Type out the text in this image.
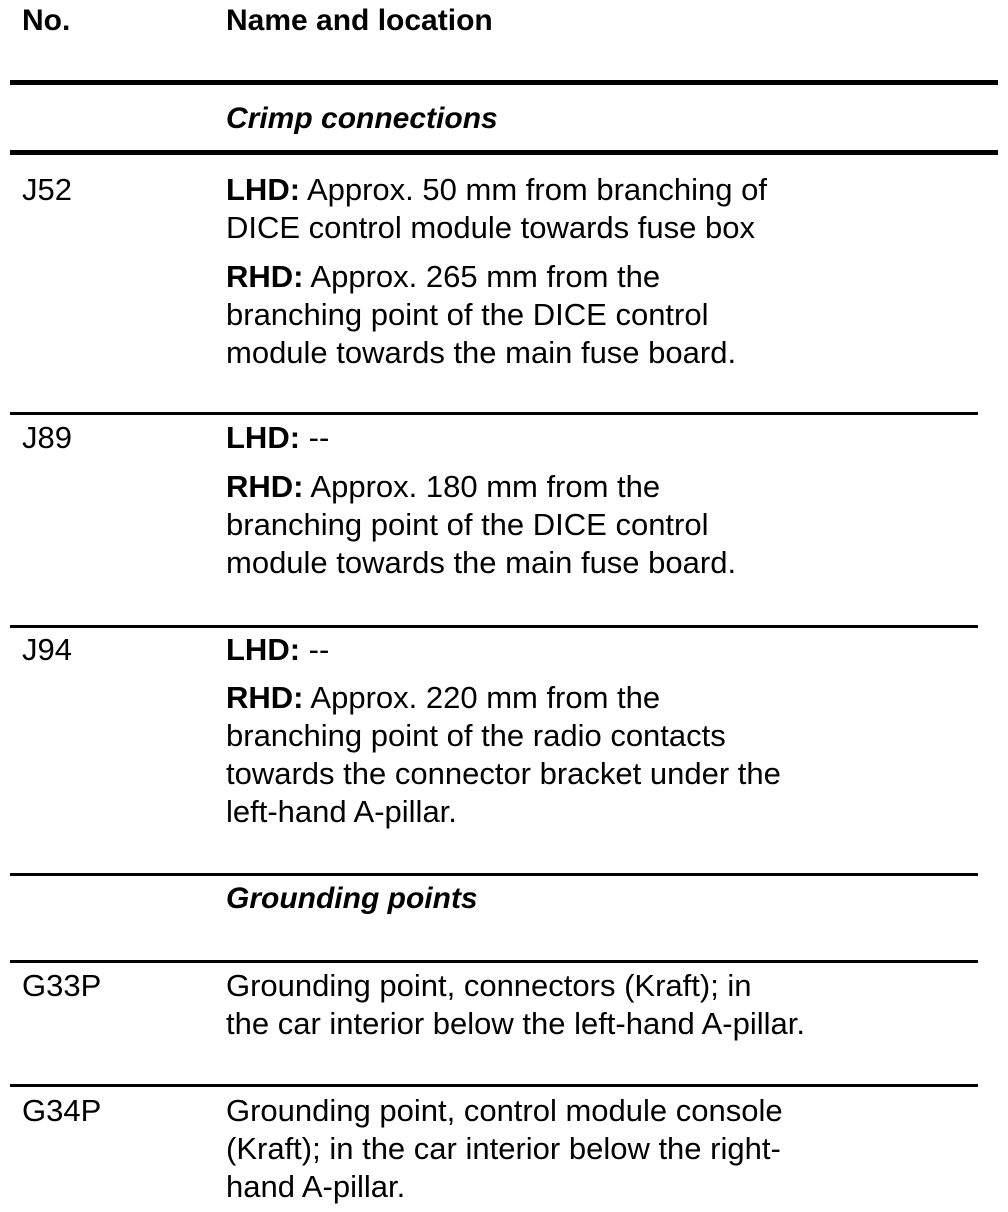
No.	Name and location
Crimp connections
J52	LHD: Approx. 50 mm from branching of
DICE control module towards fuse box
RHD: Approx. 265 mm from the
branching point of the DICE control
module towards the main fuse board.
J89	LHD: --
RHD: Approx. 180 mm from the
branching point of the DICE control
module towards the main fuse board.
J94	LHD: --
RHD: Approx. 220 mm from the
branching point of the radio contacts
towards the connector bracket under the
left-hand A-pillar.
Grounding points
G33P	Grounding point, connectors (Kraft); in
the car interior below the left-hand A-pillar.
G34P	Grounding point, control module console
(Kraft); in the car interior below the right-
hand A-pillar.
